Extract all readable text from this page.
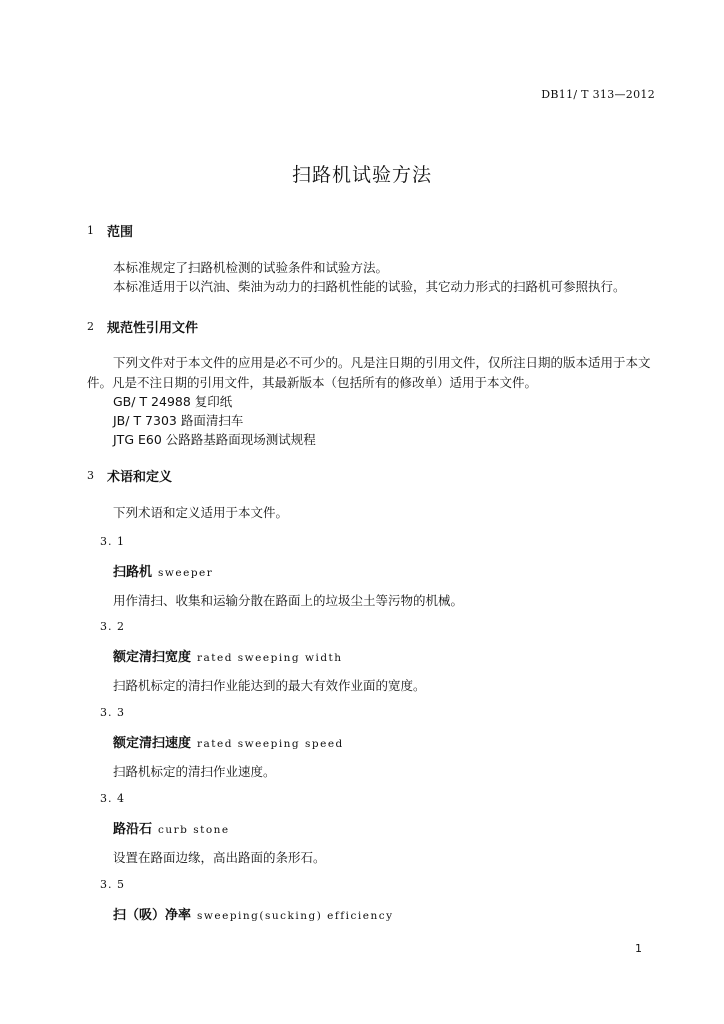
DB11/ T 313—2012
扫路机试验方法
1 范围
本标准规定了扫路机检测的试验条件和试验方法。
本标准适用于以汽油、柴油为动力的扫路机性能的试验，其它动力形式的扫路机可参照执行。
2 规范性引用文件
下列文件对于本文件的应用是必不可少的。凡是注日期的引用文件，仅所注日期的版本适用于本文
件。凡是不注日期的引用文件，其最新版本（包括所有的修改单）适用于本文件。
GB/ T 24988 复印纸
JB/ T 7303 路面清扫车
JTG E60 公路路基路面现场测试规程
3 术语和定义
下列术语和定义适用于本文件。
3. 1
扫路机 sweeper
用作清扫、收集和运输分散在路面上的垃圾尘土等污物的机械。
3. 2
额定清扫宽度 rated sweeping width
扫路机标定的清扫作业能达到的最大有效作业面的宽度。
3. 3
额定清扫速度 rated sweeping speed
扫路机标定的清扫作业速度。
3. 4
路沿石 curb stone
设置在路面边缘，高出路面的条形石。
3. 5
扫（吸）净率 sweeping(sucking) efficiency
1
